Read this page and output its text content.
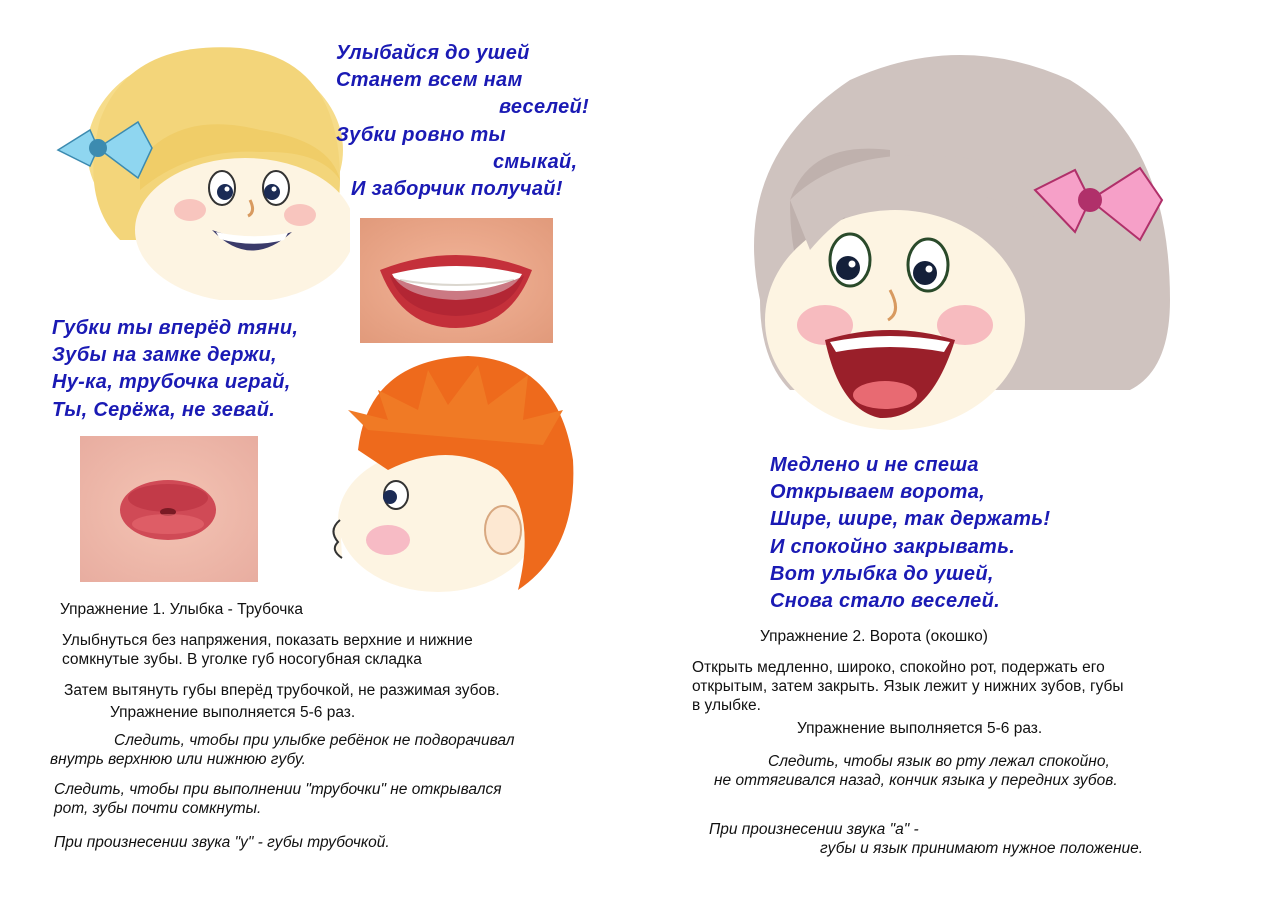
Улыбайся до ушей
Станет всем нам
веселей!
Зубки ровно ты
смыкай,
И заборчик получай!
Губки ты вперёд тяни,
Зубы на замке держи,
Ну-ка, трубочка играй,
Ты, Серёжа, не зевай.
Упражнение 1. Улыбка - Трубочка
Улыбнуться без напряжения, показать верхние и нижние
сомкнутые зубы. В уголке губ носогубная складка
Затем вытянуть губы вперёд трубочкой, не разжимая зубов.
Упражнение выполняется 5-6 раз.
Следить, чтобы при улыбке ребёнок не подворачивал
внутрь верхнюю или нижнюю губу.
Следить, чтобы при выполнении "трубочки" не открывался
рот, зубы почти сомкнуты.
При произнесении звука "у" - губы трубочкой.
Медлено и не спеша
Открываем ворота,
Шире, шире, так держать!
И спокойно закрывать.
Вот улыбка до ушей,
Снова стало веселей.
Упражнение 2. Ворота (окошко)
Открыть медленно, широко, спокойно рот, подержать его
открытым, затем закрыть. Язык лежит у нижних зубов, губы
в улыбке.
Упражнение выполняется 5-6 раз.
Следить, чтобы язык во рту лежал спокойно,
не оттягивался назад, кончик языка у передних зубов.
При произнесении звука "а" -
губы и язык принимают нужное положение.
